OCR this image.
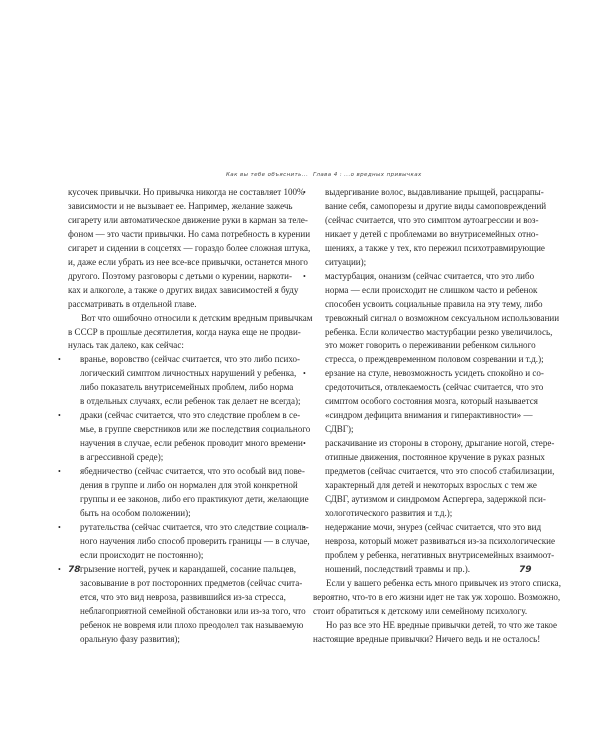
Как вы тебе объяснить... Глава 4 : ...о вредных привычках
кусочек привычки. Но привычка никогда не составляет 100%
зависимости и не вызывает ее. Например, желание зажечь
сигарету или автоматическое движение руки в карман за теле-
фоном — это части привычки. Но сама потребность в курении
сигарет и сидении в соцсетях — гораздо более сложная штука,
и, даже если убрать из нее все-все привычки, останется много
другого. Поэтому разговоры с детьми о курении, наркоти-
ках и алкоголе, а также о других видах зависимостей я буду
рассматривать в отдельной главе.
Вот что ошибочно относили к детским вредным привычкам
в СССР в прошлые десятилетия, когда наука еще не продви-
нулась так далеко, как сейчас:
• вранье, воровство (сейчас считается, что это либо психо-
логический симптом личностных нарушений у ребенка,
либо показатель внутрисемейных проблем, либо норма
в отдельных случаях, если ребенок так делает не всегда);
• драки (сейчас считается, что это следствие проблем в се-
мье, в группе сверстников или же последствия социального
научения в случае, если ребенок проводит много времени
в агрессивной среде);
• ябедничество (сейчас считается, что это особый вид пове-
дения в группе и либо он нормален для этой конкретной
группы и ее законов, либо его практикуют дети, желающие
быть на особом положении);
• рутательства (сейчас считается, что это следствие социаль-
ного научения либо способ проверить границы — в случае,
если происходит не постоянно);
• грызение ногтей, ручек и карандашей, сосание пальцев,
засовывание в рот посторонних предметов (сейчас счита-
ется, что это вид невроза, развившийся из-за стресса,
неблагоприятной семейной обстановки или из-за того, что
ребенок не вовремя или плохо преодолел так называемую
оральную фазу развития);
• выдергивание волос, выдавливание прыщей, расцарапы-
вание себя, самопорезы и другие виды самоповреждений
(сейчас считается, что это симптом аутоагрессии и воз-
никает у детей с проблемами во внутрисемейных отно-
шениях, а также у тех, кто пережил психотравмирующие
ситуации);
• мастурбация, онанизм (сейчас считается, что это либо
норма — если происходит не слишком часто и ребенок
способен усвоить социальные правила на эту тему, либо
тревожный сигнал о возможном сексуальном использовании
ребенка. Если количество мастурбации резко увеличилось,
это может говорить о переживании ребенком сильного
стресса, о преждевременном половом созревании и т.д.);
• ерзание на стуле, невозможность усидеть спокойно и со-
средоточиться, отвлекаемость (сейчас считается, что это
симптом особого состояния мозга, который называется
«синдром дефицита внимания и гиперактивности» —
СДВГ);
• раскачивание из стороны в сторону, дрыгание ногой, стере-
отипные движения, постоянное кручение в руках разных
предметов (сейчас считается, что это способ стабилизации,
характерный для детей и некоторых взрослых с тем же
СДВГ, аутизмом и синдромом Аспергера, задержкой пси-
хологотического развития и т.д.);
• недержание мочи, энурез (сейчас считается, что это вид
невроза, который может развиваться из-за психологические
проблем у ребенка, негативных внутрисемейных взаимоот-
ношений, последствий травмы и пр.).
Если у вашего ребенка есть много привычек из этого списка,
вероятно, что-то в его жизни идет не так уж хорошо. Возможно,
стоит обратиться к детскому или семейному психологу.
Но раз все это НЕ вредные привычки детей, то что же такое
настоящие вредные привычки? Ничего ведь и не осталось!
78	79
